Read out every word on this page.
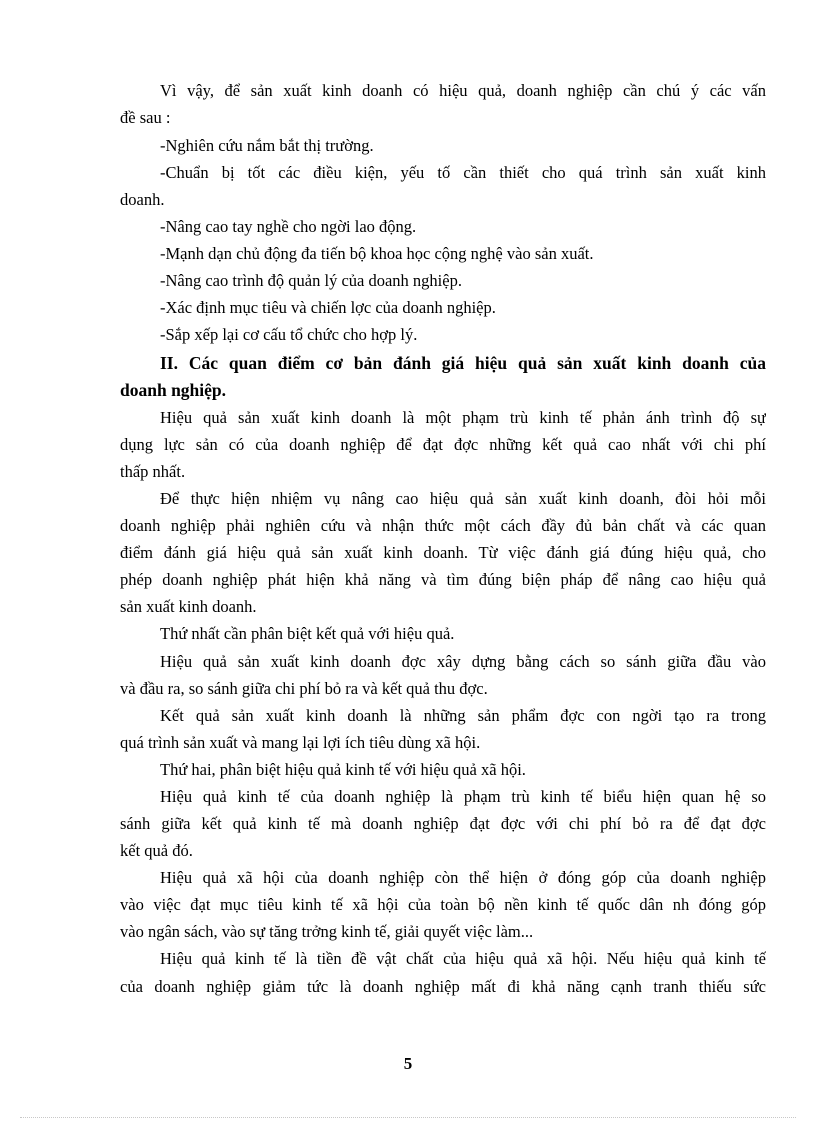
Vì vậy, để sản xuất kinh doanh có hiệu quả, doanh nghiệp cần chú ý các vấn
đề sau :
-Nghiên cứu nắm bắt thị trường.
-Chuẩn bị tốt các điều kiện, yếu tố cần thiết cho quá trình sản xuất kinh
doanh.
-Nâng cao tay nghề cho ngời lao động.
-Mạnh dạn chủ động đa tiến bộ khoa học cộng nghệ vào sản xuất.
-Nâng cao trình độ quản lý của doanh nghiệp.
-Xác định mục tiêu và chiến lợc của doanh nghiệp.
-Sắp xếp lại cơ cấu tổ chức cho hợp lý.
II. Các quan điểm cơ bản đánh giá hiệu quả sản xuất kinh doanh của
doanh nghiệp.
Hiệu quả sản xuất kinh doanh là một phạm trù kinh tế phản ánh trình độ sự
dụng lực sản có của doanh nghiệp để đạt đợc những kết quả cao nhất với chi phí
thấp nhất.
Để thực hiện nhiệm vụ nâng cao hiệu quả sản xuất kinh doanh, đòi hỏi mỗi
doanh nghiệp phải nghiên cứu và nhận thức một cách đầy đủ bản chất và các quan
điểm đánh giá hiệu quả sản xuất kinh doanh. Từ việc đánh giá đúng hiệu quả, cho
phép doanh nghiệp phát hiện khả năng và tìm đúng biện pháp để nâng cao hiệu quả
sản xuất kinh doanh.
Thứ nhất cần phân biệt kết quả với hiệu quả.
Hiệu quả sản xuất kinh doanh đợc xây dựng bằng cách so sánh giữa đầu vào
và đầu ra, so sánh giữa chi phí bỏ ra và kết quả thu đợc.
Kết quả sản xuất kinh doanh là những sản phẩm đợc con ngời tạo ra trong
quá trình sản xuất và mang lại lợi ích tiêu dùng xã hội.
Thứ hai, phân biệt hiệu quả kinh tế với hiệu quả xã hội.
Hiệu quả kinh tế của doanh nghiệp là phạm trù kinh tế biểu hiện quan hệ so
sánh giữa kết quả kinh tế mà doanh nghiệp đạt đợc với chi phí bỏ ra để đạt đợc
kết quả đó.
Hiệu quả xã hội của doanh nghiệp còn thể hiện ở đóng góp của doanh nghiệp
vào việc đạt mục tiêu kinh tế xã hội của toàn bộ nền kinh tế quốc dân nh đóng góp
vào ngân sách, vào sự tăng trởng kinh tế, giải quyết việc làm...
Hiệu quả kinh tế là tiền đề vật chất của hiệu quả xã hội. Nếu hiệu quả kinh tế
của doanh nghiệp giảm tức là doanh nghiệp mất đi khả năng cạnh tranh thiếu sức
5
